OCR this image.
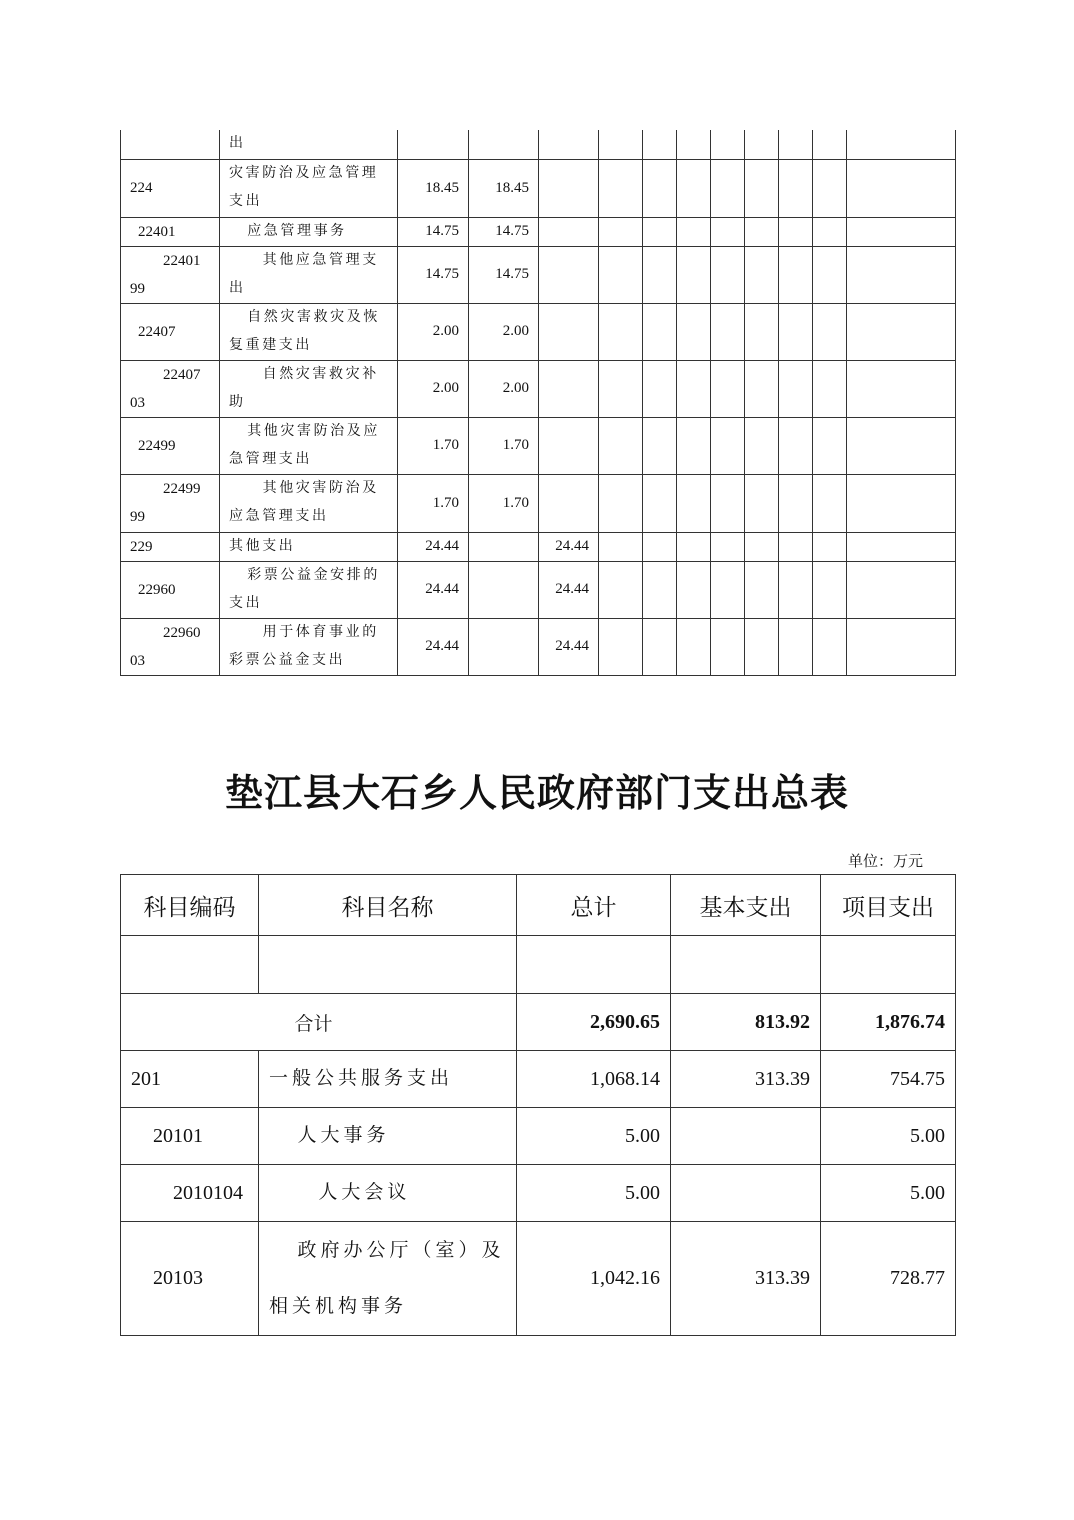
	出											
224	灾害防治及应急管理支出	18.45	18.45									
22401	应急管理事务	14.75	14.75									

2240199	其他应急管理支出	14.75	14.75									
22407	自然灾害救灾及恢复重建支出	2.00	2.00									

2240703	自然灾害救灾补助	2.00	2.00									
22499	其他灾害防治及应急管理支出	1.70	1.70									

2249999	其他灾害防治及应急管理支出	1.70	1.70									
229	其他支出	24.44		24.44								
22960	彩票公益金安排的支出	24.44		24.44								

2296003	用于体育事业的彩票公益金支出	24.44		24.44								
垫江县大石乡人民政府部门支出总表
单位：万元
科目编码	科目名称	总计	基本支出	项目支出

合计		2,690.65	813.92	1,876.74
201	一般公共服务支出	1,068.14	313.39	754.75
20101	人大事务	5.00		5.00
2010104	人大会议	5.00		5.00
20103	政府办公厅（室）及相关机构事务	1,042.16	313.39	728.77
